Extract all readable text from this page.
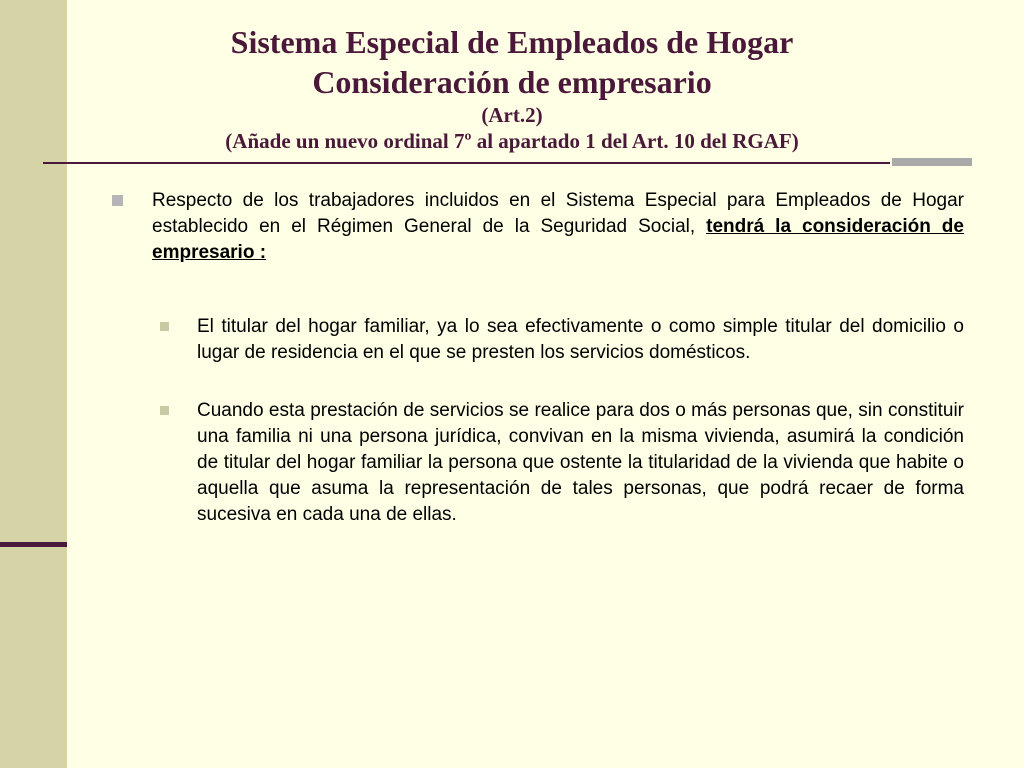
Sistema Especial de Empleados de Hogar
Consideración de empresario
(Art.2)
(Añade un nuevo ordinal 7º al apartado 1 del Art. 10 del RGAF)
Respecto de los trabajadores incluidos en el Sistema Especial para Empleados de Hogar establecido en el Régimen General de la Seguridad Social, tendrá la consideración de empresario :
El titular del hogar familiar, ya lo sea efectivamente o como simple titular del domicilio o lugar de residencia en el que se presten los servicios domésticos.
Cuando esta prestación de servicios se realice para dos o más personas que, sin constituir una familia ni una persona jurídica, convivan en la misma vivienda, asumirá la condición de titular del hogar familiar la persona que ostente la titularidad de la vivienda que habite o aquella que asuma la representación de tales personas, que podrá recaer de forma sucesiva en cada una de ellas.
